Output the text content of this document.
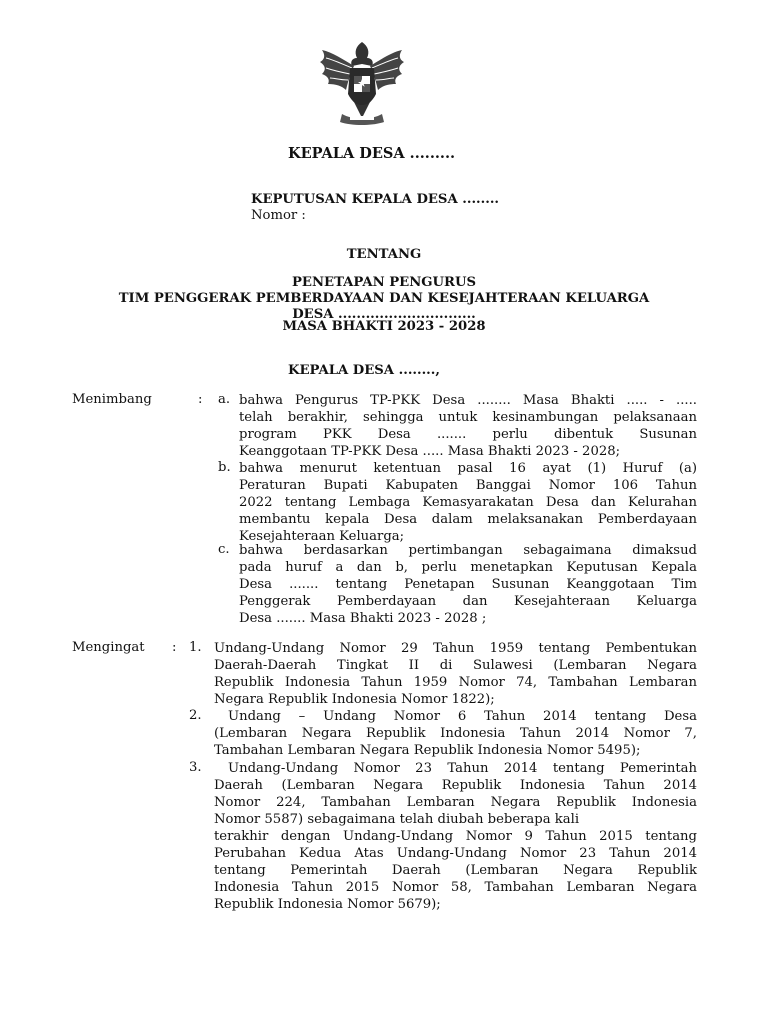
KEPALA DESA .........
KEPUTUSAN KEPALA DESA ........
Nomor :
TENTANG
PENETAPAN PENGURUS
TIM PENGGERAK PEMBERDAYAAN DAN KESEJAHTERAAN KELUARGA
DESA ..............................
MASA BHAKTI 2023 - 2028
KEPALA DESA ........,
Menimbang	: a. bahwa Pengurus TP-PKK Desa ........ Masa Bhakti ..... - .....
telah berakhir, sehingga untuk kesinambungan pelaksanaan
program PKK Desa ....... perlu dibentuk Susunan
Keanggotaan TP-PKK Desa ..... Masa Bhakti 2023 - 2028;
b. bahwa menurut ketentuan pasal 16 ayat (1) Huruf (a)
Peraturan Bupati Kabupaten Banggai Nomor 106 Tahun
2022 tentang Lembaga Kemasyarakatan Desa dan Kelurahan
membantu kepala Desa dalam melaksanakan Pemberdayaan
Kesejahteraan Keluarga;
c. bahwa berdasarkan pertimbangan sebagaimana dimaksud
pada huruf a dan b, perlu menetapkan Keputusan Kepala
Desa ....... tentang Penetapan Susunan Keanggotaan Tim
Penggerak Pemberdayaan dan Kesejahteraan Keluarga
Desa ....... Masa Bhakti 2023 - 2028 ;
Mengingat : 1. Undang-Undang Nomor 29 Tahun 1959 tentang Pembentukan
Daerah-Daerah Tingkat II di Sulawesi (Lembaran Negara
Republik Indonesia Tahun 1959 Nomor 74, Tambahan Lembaran
Negara Republik Indonesia Nomor 1822);
2.	Undang – Undang Nomor 6 Tahun 2014 tentang Desa
(Lembaran Negara Republik Indonesia Tahun 2014 Nomor 7,
Tambahan Lembaran Negara Republik Indonesia Nomor 5495);
3.	Undang-Undang Nomor 23 Tahun 2014 tentang Pemerintah
Daerah (Lembaran Negara Republik Indonesia Tahun 2014
Nomor 224, Tambahan Lembaran Negara Republik Indonesia
Nomor 5587) sebagaimana telah diubah beberapa kali
terakhir dengan Undang-Undang Nomor 9 Tahun 2015 tentang
Perubahan Kedua Atas Undang-Undang Nomor 23 Tahun 2014
tentang Pemerintah Daerah (Lembaran Negara Republik
Indonesia Tahun 2015 Nomor 58, Tambahan Lembaran Negara
Republik Indonesia Nomor 5679);
